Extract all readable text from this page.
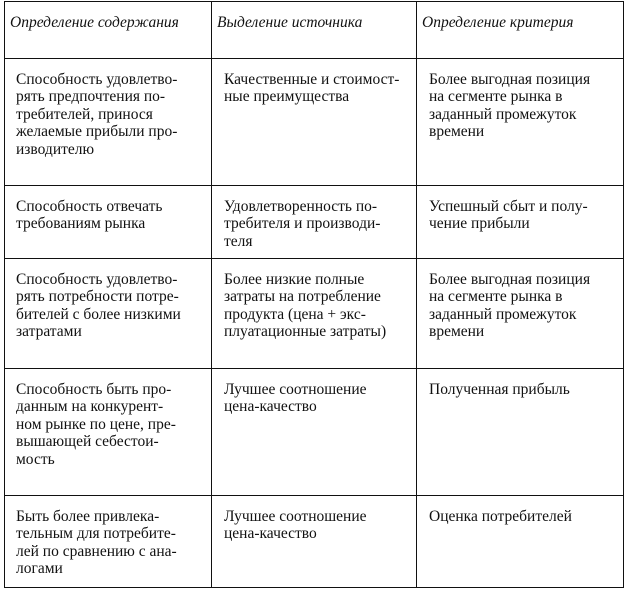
Определение содержания	Выделение источника	Определение критерия

Способность удовлетво-
рять предпочтения по-
требителей, принося
желаемые прибыли про-
изводителю	Качественные и стоимост-
ные преимущества	Более выгодная позиция
на сегменте рынка в
заданный промежуток
времени

Способность отвечать
требованиям рынка	Удовлетворенность по-
требителя и производи-
теля	Успешный сбыт и полу-
чение прибыли

Способность удовлетво-
рять потребности потре-
бителей с более низкими
затратами	Более низкие полные
затраты на потребление
продукта (цена + экс-
плуатационные затраты)	Более выгодная позиция
на сегменте рынка в
заданный промежуток
времени

Способность быть про-
данным на конкурент-
ном рынке по цене, пре-
вышающей себестои-
мость	Лучшее соотношение
цена-качество	Полученная прибыль

Быть более привлека-
тельным для потребите-
лей по сравнению с ана-
логами	Лучшее соотношение
цена-качество	Оценка потребителей
